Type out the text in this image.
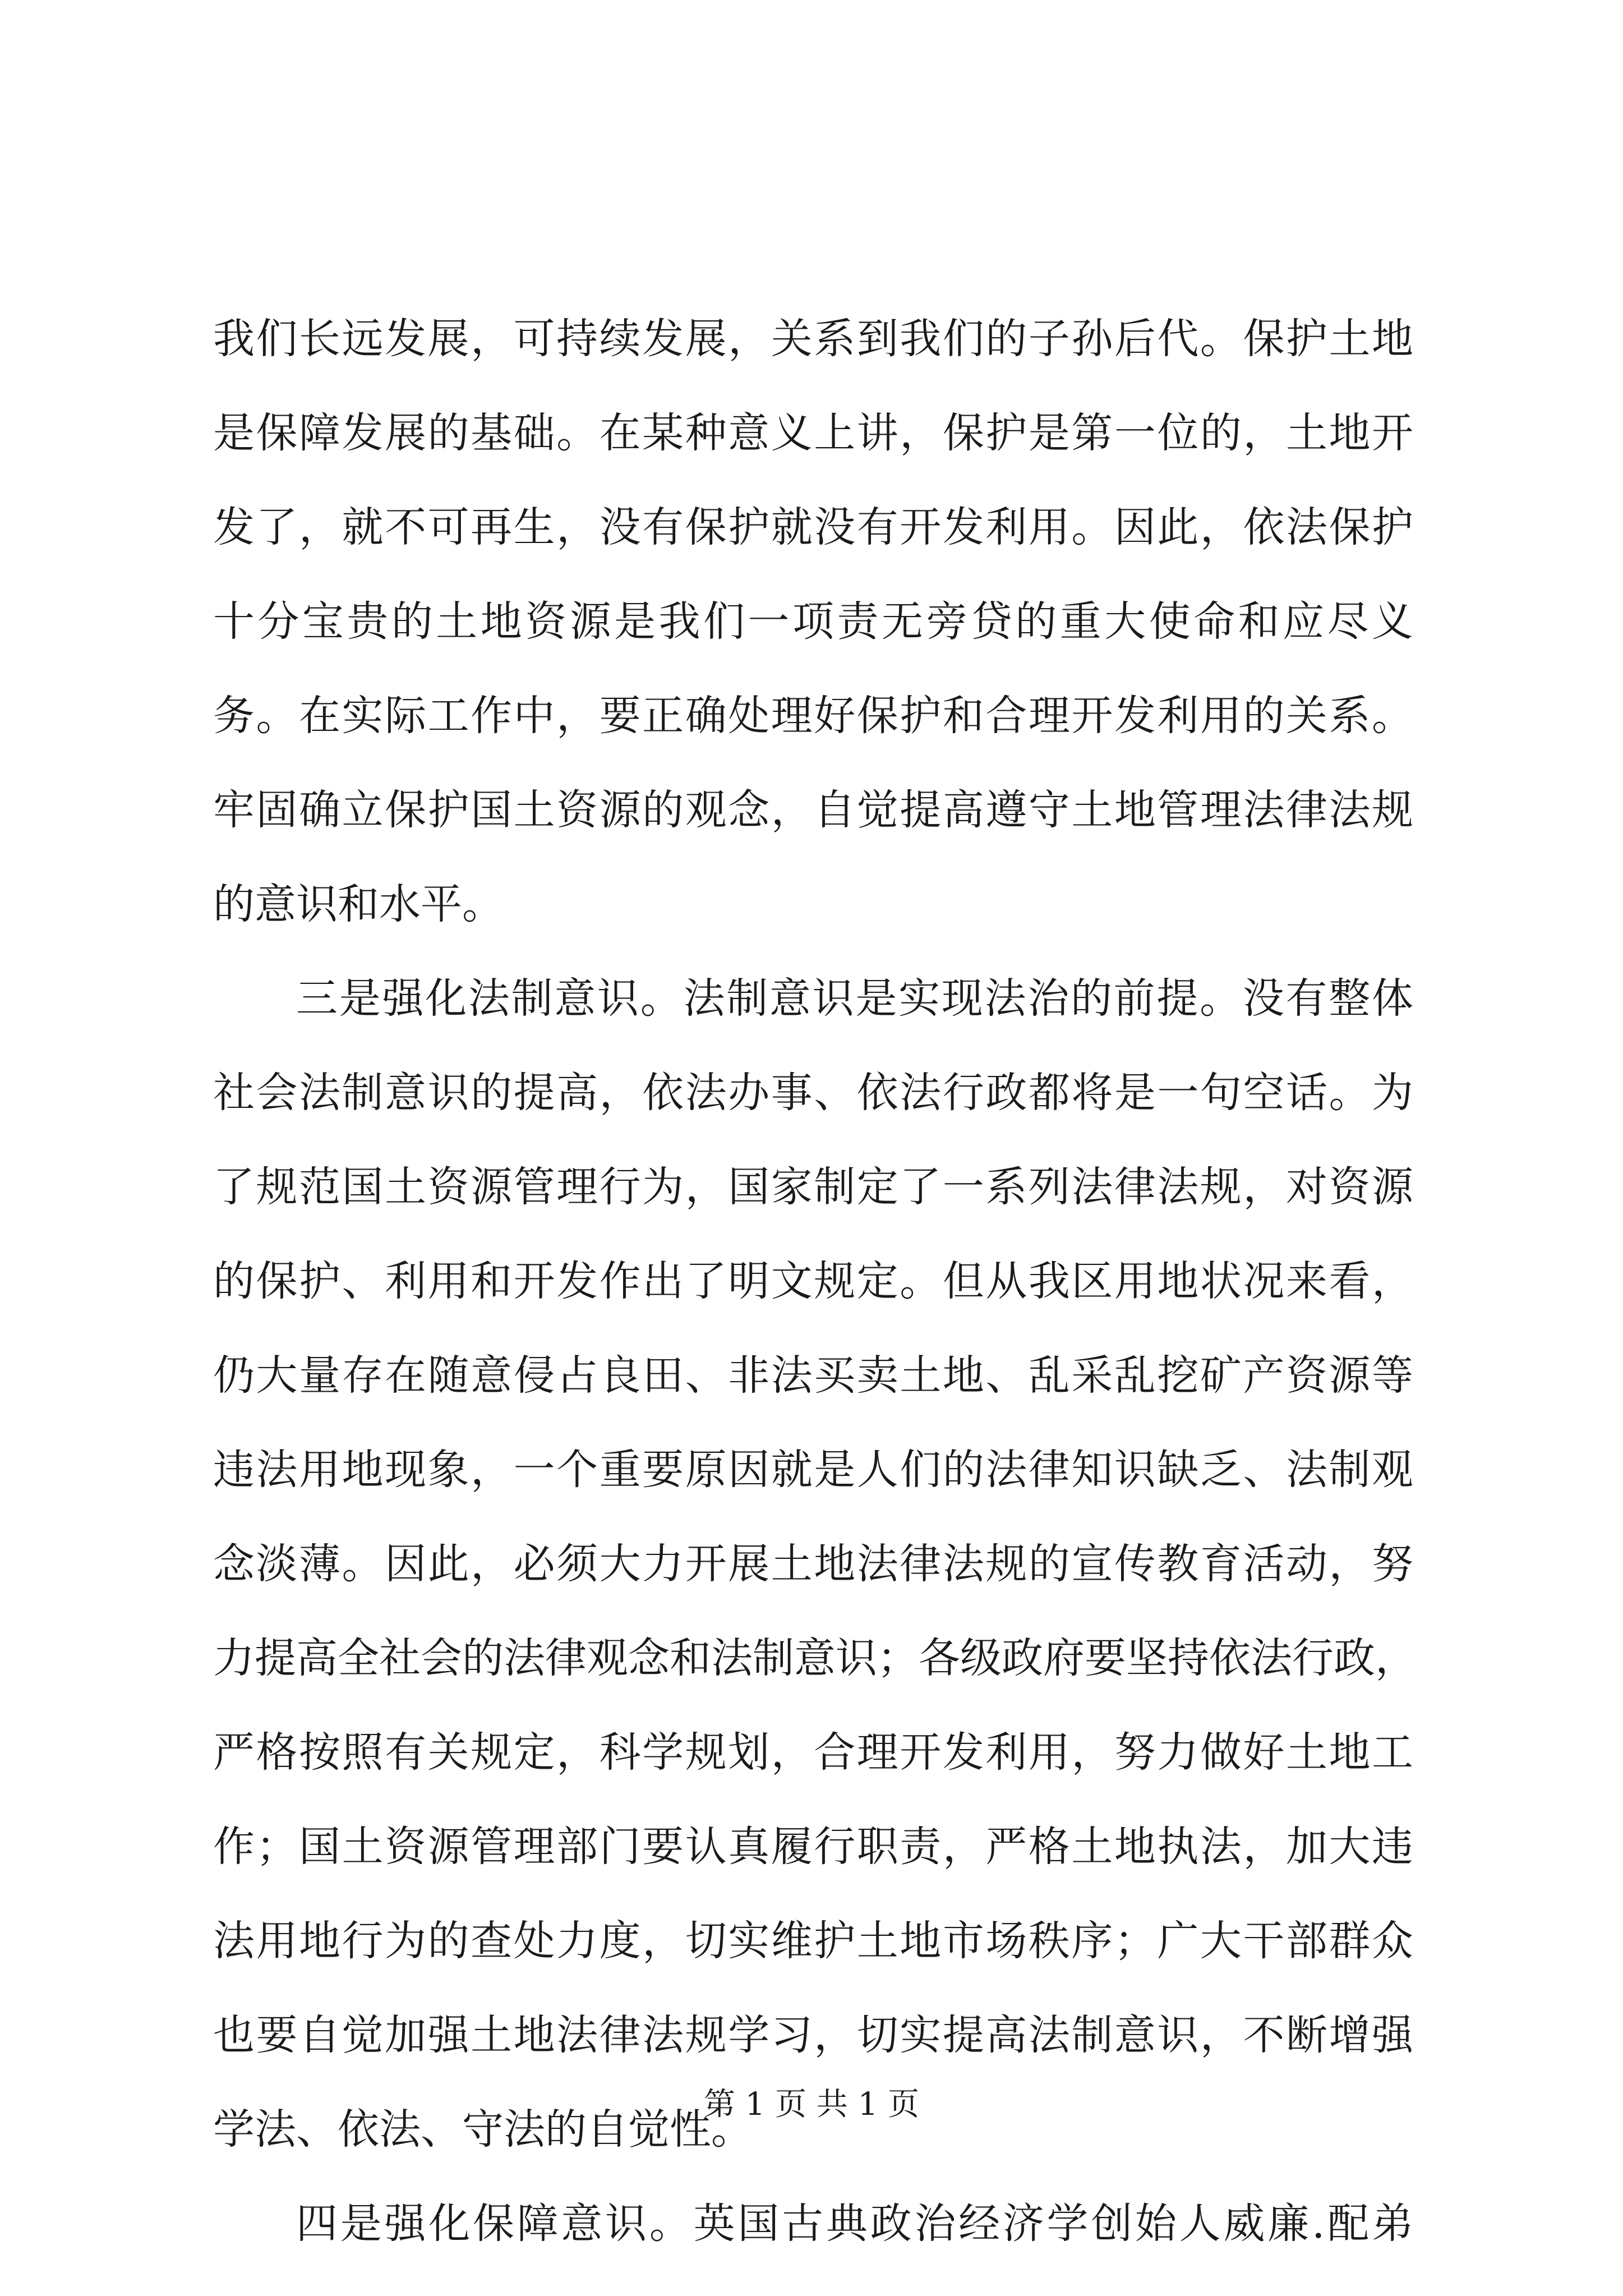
我们长远发展，可持续发展，关系到我们的子孙后代。保护土地
是保障发展的基础。在某种意义上讲，保护是第一位的，土地开
发了，就不可再生，没有保护就没有开发利用。因此，依法保护
十分宝贵的土地资源是我们一项责无旁贷的重大使命和应尽义
务。在实际工作中，要正确处理好保护和合理开发利用的关系。
牢固确立保护国土资源的观念，自觉提高遵守土地管理法律法规
的意识和水平。
三是强化法制意识。法制意识是实现法治的前提。没有整体
社会法制意识的提高，依法办事、依法行政都将是一句空话。为
了规范国土资源管理行为，国家制定了一系列法律法规，对资源
的保护、利用和开发作出了明文规定。但从我区用地状况来看，
仍大量存在随意侵占良田、非法买卖土地、乱采乱挖矿产资源等
违法用地现象，一个重要原因就是人们的法律知识缺乏、法制观
念淡薄。因此，必须大力开展土地法律法规的宣传教育活动，努
力提高全社会的法律观念和法制意识；各级政府要坚持依法行政，
严格按照有关规定，科学规划，合理开发利用，努力做好土地工
作；国土资源管理部门要认真履行职责，严格土地执法，加大违
法用地行为的查处力度，切实维护土地市场秩序；广大干部群众
也要自觉加强土地法律法规学习，切实提高法制意识，不断增强
学法、依法、守法的自觉性。
四是强化保障意识。英国古典政治经济学创始人威廉.配弟
第 1 页 共 1 页
